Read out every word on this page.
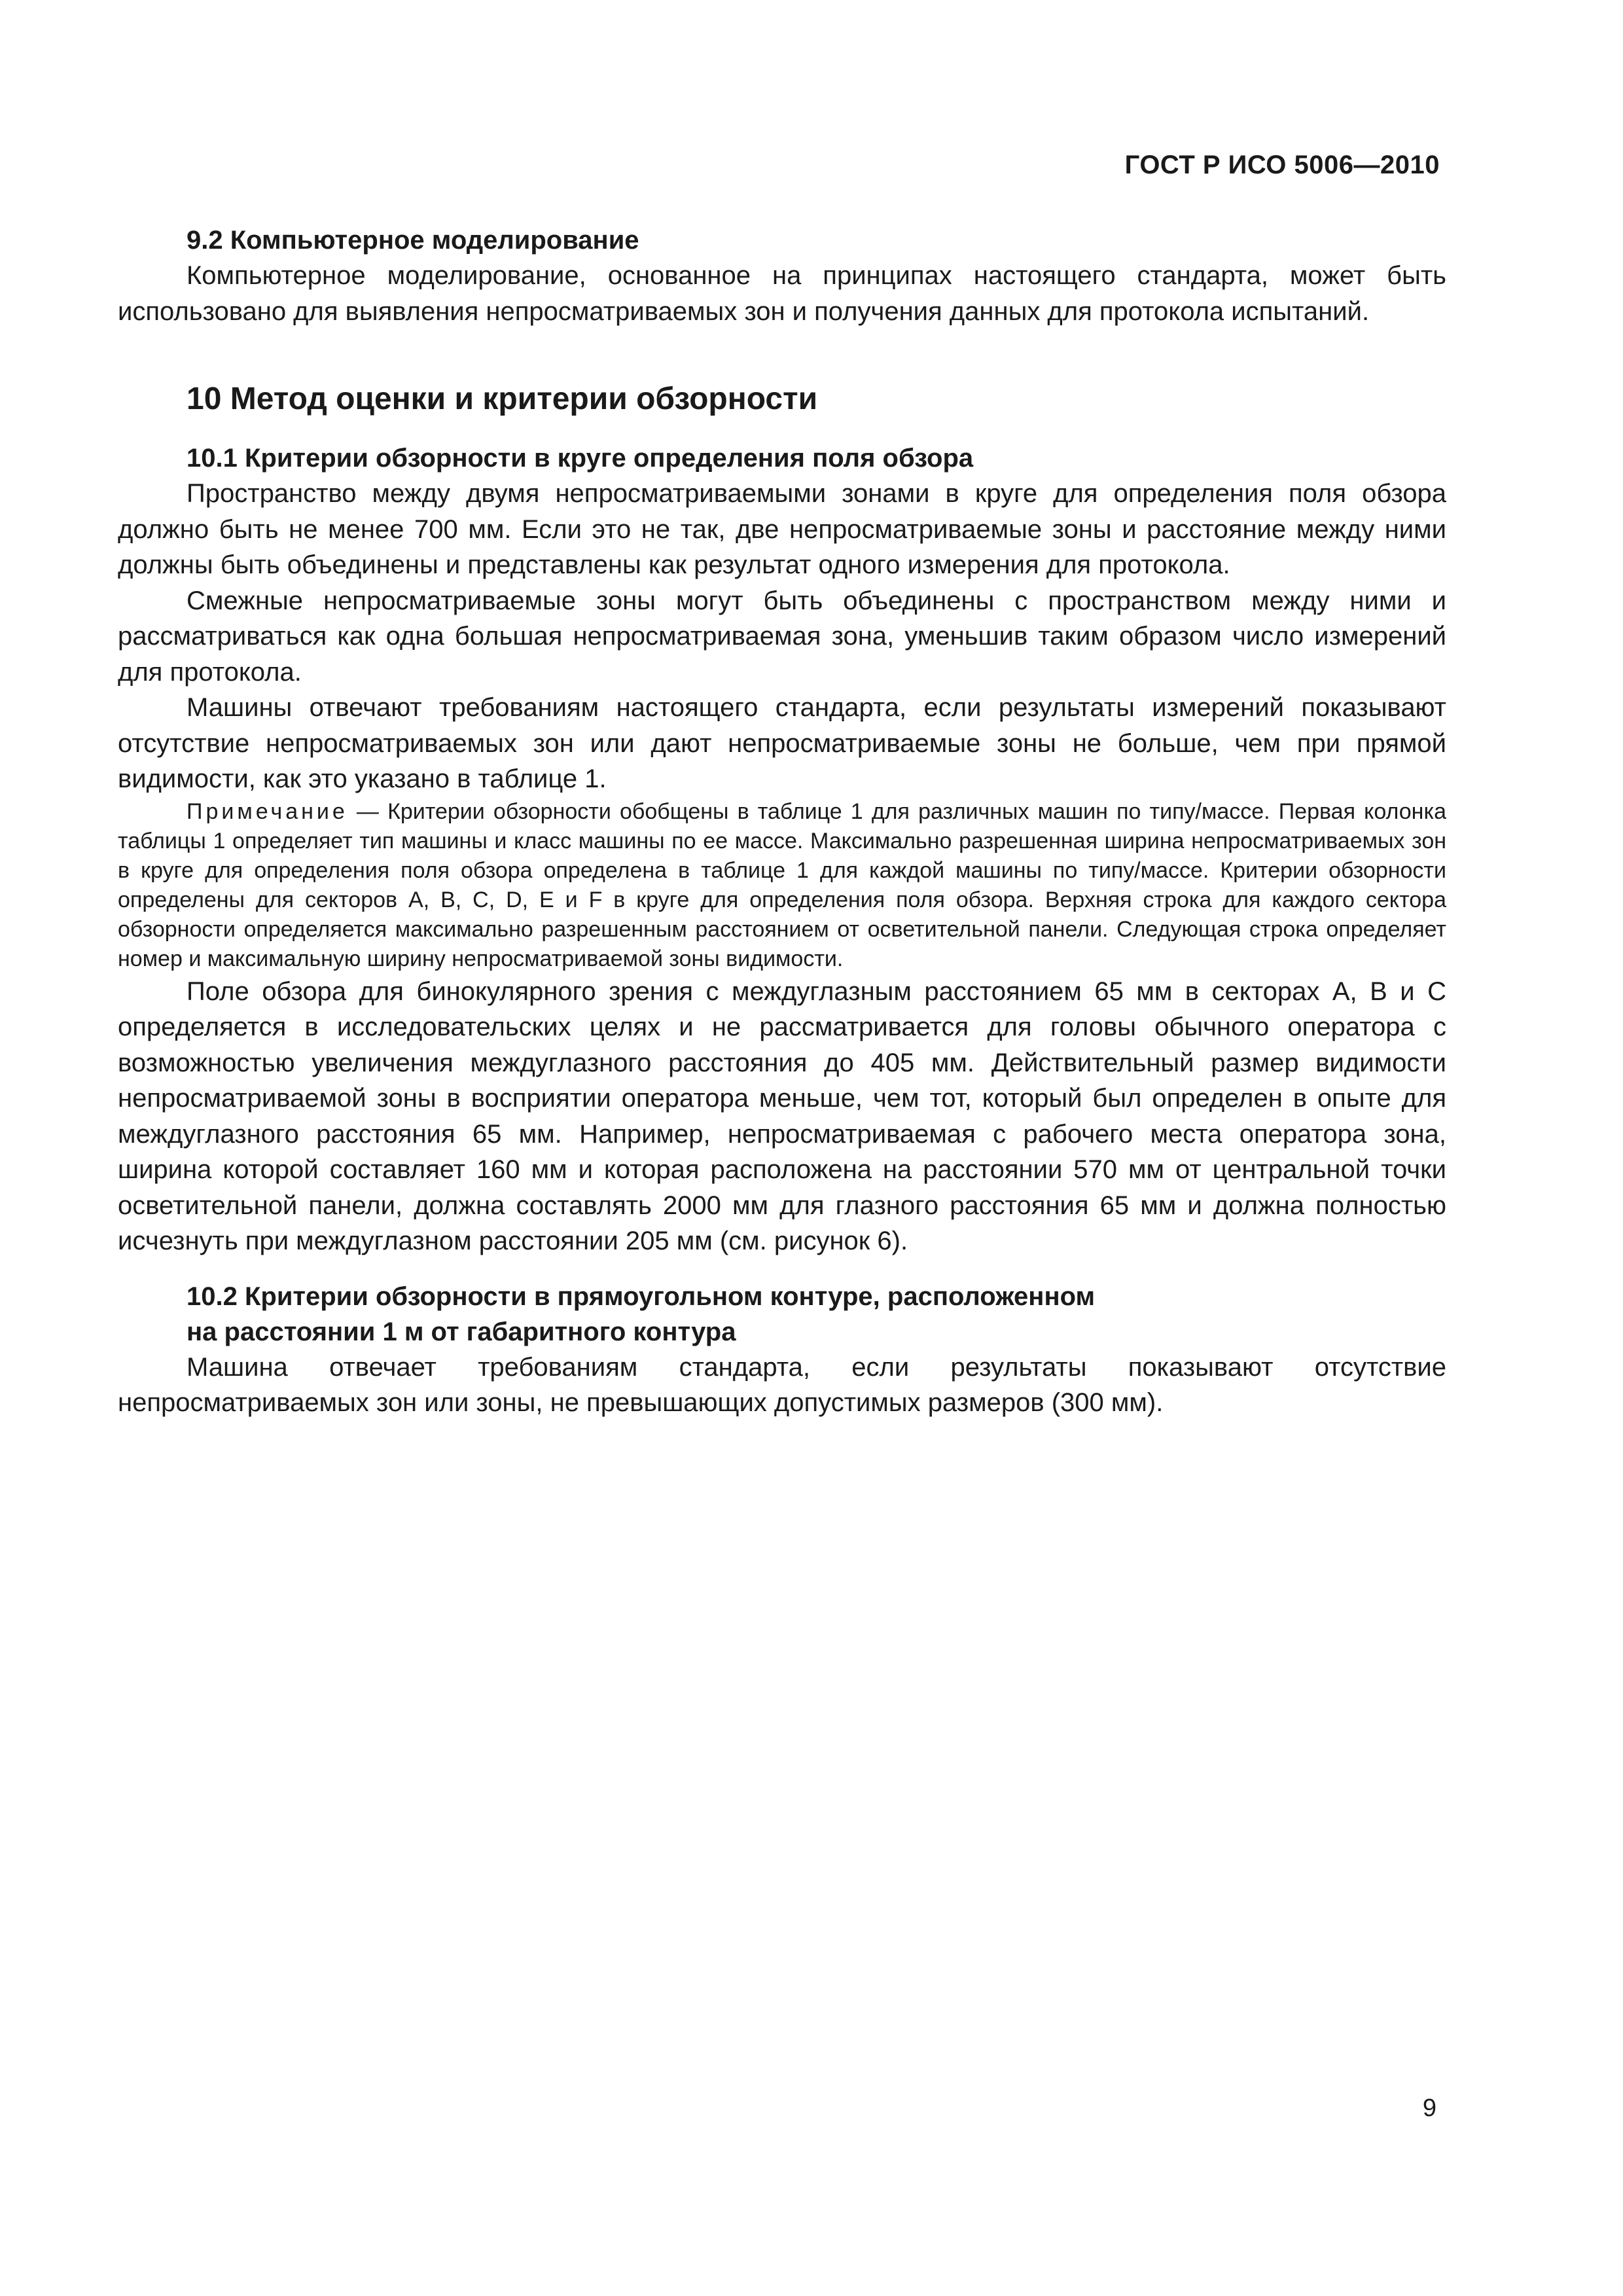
ГОСТ Р ИСО 5006—2010
9.2 Компьютерное моделирование

Компьютерное моделирование, основанное на принципах настоящего стандарта, может быть использовано для выявления непросматриваемых зон и получения данных для протокола испытаний.

10 Метод оценки и критерии обзорности
10.1 Критерии обзорности в круге определения поля обзора

Пространство между двумя непросматриваемыми зонами в круге для определения поля обзора должно быть не менее 700 мм. Если это не так, две непросматриваемые зоны и расстояние между ними должны быть объединены и представлены как результат одного измерения для протокола.

Смежные непросматриваемые зоны могут быть объединены с пространством между ними и рассматриваться как одна большая непросматриваемая зона, уменьшив таким образом число измерений для протокола.

Машины отвечают требованиям настоящего стандарта, если результаты измерений показывают отсутствие непросматриваемых зон или дают непросматриваемые зоны не больше, чем при прямой видимости, как это указано в таблице 1.

Примечание — Критерии обзорности обобщены в таблице 1 для различных машин по типу/массе. Первая колонка таблицы 1 определяет тип машины и класс машины по ее массе. Максимально разрешенная ширина непросматриваемых зон в круге для определения поля обзора определена в таблице 1 для каждой машины по типу/массе. Критерии обзорности определены для секторов A, B, C, D, E и F в круге для определения поля обзора. Верхняя строка для каждого сектора обзорности определяется максимально разрешенным расстоянием от осветительной панели. Следующая строка определяет номер и максимальную ширину непросматриваемой зоны видимости.

Поле обзора для бинокулярного зрения с междуглазным расстоянием 65 мм в секторах A, B и C определяется в исследовательских целях и не рассматривается для головы обычного оператора с возможностью увеличения междуглазного расстояния до 405 мм. Действительный размер видимости непросматриваемой зоны в восприятии оператора меньше, чем тот, который был определен в опыте для междуглазного расстояния 65 мм. Например, непросматриваемая с рабочего места оператора зона, ширина которой составляет 160 мм и которая расположена на расстоянии 570 мм от центральной точки осветительной панели, должна составлять 2000 мм для глазного расстояния 65 мм и должна полностью исчезнуть при междуглазном расстоянии 205 мм (см. рисунок 6).

10.2 Критерии обзорности в прямоугольном контуре, расположенном
на расстоянии 1 м от габаритного контура

Машина отвечает требованиям стандарта, если результаты показывают отсутствие непросматриваемых зон или зоны, не превышающих допустимых размеров (300 мм).

9
